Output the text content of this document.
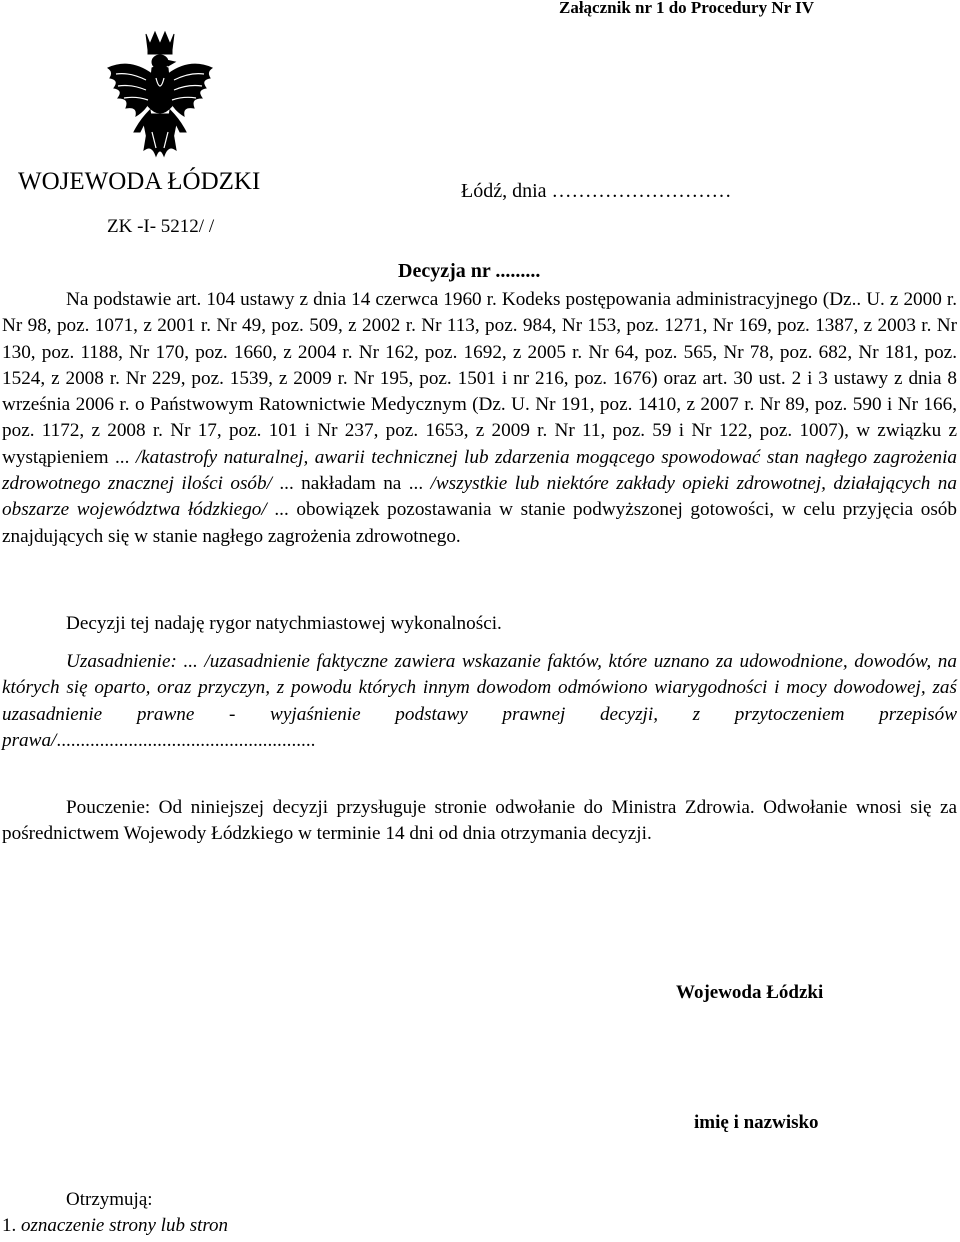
Załącznik nr 1 do Procedury Nr IV
WOJEWODA ŁÓDZKI	Łódź, dnia ………………………
ZK -I- 5212/ /
Decyzja nr .........
Na podstawie art. 104 ustawy z dnia 14 czerwca 1960 r. Kodeks postępowania administracyjnego (Dz.. U. z 2000 r. Nr 98, poz. 1071, z 2001 r. Nr 49, poz. 509, z 2002 r. Nr 113, poz. 984, Nr 153, poz. 1271, Nr 169, poz. 1387, z 2003 r. Nr 130, poz. 1188, Nr 170, poz. 1660, z 2004 r. Nr 162, poz. 1692, z 2005 r. Nr 64, poz. 565, Nr 78, poz. 682, Nr 181, poz. 1524, z 2008 r. Nr 229, poz. 1539, z 2009 r. Nr 195, poz. 1501 i nr 216, poz. 1676) oraz art. 30 ust. 2 i 3 ustawy z dnia 8 września 2006 r. o Państwowym Ratownictwie Medycznym (Dz. U. Nr 191, poz. 1410, z 2007 r. Nr 89, poz. 590 i Nr 166, poz. 1172, z 2008 r. Nr 17, poz. 101 i Nr 237, poz. 1653, z 2009 r. Nr 11, poz. 59 i Nr 122, poz. 1007), w związku z wystąpieniem ... /katastrofy naturalnej, awarii technicznej lub zdarzenia mogącego spowodować stan nagłego zagrożenia zdrowotnego znacznej ilości osób/ ... nakładam na ... /wszystkie lub niektóre zakłady opieki zdrowotnej, działających na obszarze województwa łódzkiego/ ... obowiązek pozostawania w stanie podwyższonej gotowości, w celu przyjęcia osób znajdujących się w stanie nagłego zagrożenia zdrowotnego.
Decyzji tej nadaję rygor natychmiastowej wykonalności.
Uzasadnienie: ... /uzasadnienie faktyczne zawiera wskazanie faktów, które uznano za udowodnione, dowodów, na których się oparto, oraz przyczyn, z powodu których innym dowodom odmówiono wiarygodności i mocy dowodowej, zaś uzasadnienie prawne - wyjaśnienie podstawy prawnej decyzji, z przytoczeniem przepisów prawa/......................................................
Pouczenie: Od niniejszej decyzji przysługuje stronie odwołanie do Ministra Zdrowia. Odwołanie wnosi się za pośrednictwem Wojewody Łódzkiego w terminie 14 dni od dnia otrzymania decyzji.
Wojewoda Łódzki
imię i nazwisko
Otrzymują:
1. oznaczenie strony lub stron
